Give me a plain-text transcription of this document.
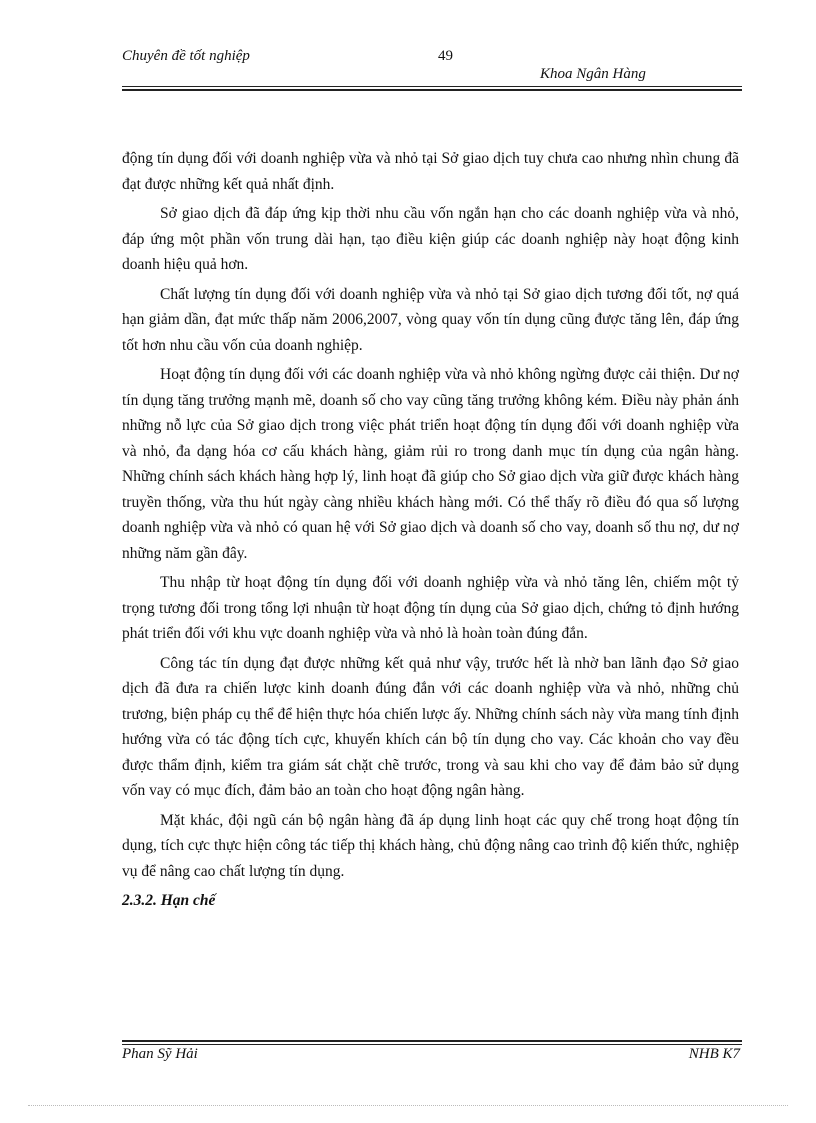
Chuyên đề tốt nghiệp	49
Khoa Ngân Hàng

động tín dụng đối với doanh nghiệp vừa và nhỏ tại Sở giao dịch tuy chưa cao nhưng nhìn chung đã đạt được những kết quả nhất định.

Sở giao dịch đã đáp ứng kịp thời nhu cầu vốn ngắn hạn cho các doanh nghiệp vừa và nhỏ, đáp ứng một phần vốn trung dài hạn, tạo điều kiện giúp các doanh nghiệp này hoạt động kinh doanh hiệu quả hơn.

Chất lượng tín dụng đối với doanh nghiệp vừa và nhỏ tại Sở giao dịch tương đối tốt, nợ quá hạn giảm dần, đạt mức thấp năm 2006,2007, vòng quay vốn tín dụng cũng được tăng lên, đáp ứng tốt hơn nhu cầu vốn của doanh nghiệp.

Hoạt động tín dụng đối với các doanh nghiệp vừa và nhỏ không ngừng được cải thiện. Dư nợ tín dụng tăng trưởng mạnh mẽ, doanh số cho vay cũng tăng trưởng không kém. Điều này phản ánh những nỗ lực của Sở giao dịch trong việc phát triển hoạt động tín dụng đối với doanh nghiệp vừa và nhỏ, đa dạng hóa cơ cấu khách hàng, giảm rủi ro trong danh mục tín dụng của ngân hàng. Những chính sách khách hàng hợp lý, linh hoạt đã giúp cho Sở giao dịch vừa giữ được khách hàng truyền thống, vừa thu hút ngày càng nhiều khách hàng mới. Có thể thấy rõ điều đó qua số lượng doanh nghiệp vừa và nhỏ có quan hệ với Sở giao dịch và doanh số cho vay, doanh số thu nợ, dư nợ những năm gần đây.

Thu nhập từ hoạt động tín dụng đối với doanh nghiệp vừa và nhỏ tăng lên, chiếm một tỷ trọng tương đối trong tổng lợi nhuận từ hoạt động tín dụng của Sở giao dịch, chứng tỏ định hướng phát triển đối với khu vực doanh nghiệp vừa và nhỏ là hoàn toàn đúng đắn.

Công tác tín dụng đạt được những kết quả như vậy, trước hết là nhờ ban lãnh đạo Sở giao dịch đã đưa ra chiến lược kinh doanh đúng đắn với các doanh nghiệp vừa và nhỏ, những chủ trương, biện pháp cụ thể để hiện thực hóa chiến lược ấy. Những chính sách này vừa mang tính định hướng vừa có tác động tích cực, khuyến khích cán bộ tín dụng cho vay. Các khoản cho vay đều được thẩm định, kiểm tra giám sát chặt chẽ trước, trong và sau khi cho vay để đảm bảo sử dụng vốn vay có mục đích, đảm bảo an toàn cho hoạt động ngân hàng.

Mặt khác, đội ngũ cán bộ ngân hàng đã áp dụng linh hoạt các quy chế trong hoạt động tín dụng, tích cực thực hiện công tác tiếp thị khách hàng, chủ động nâng cao trình độ kiến thức, nghiệp vụ để nâng cao chất lượng tín dụng.

2.3.2. Hạn chế
Phan Sỹ Hải	NHB K7
